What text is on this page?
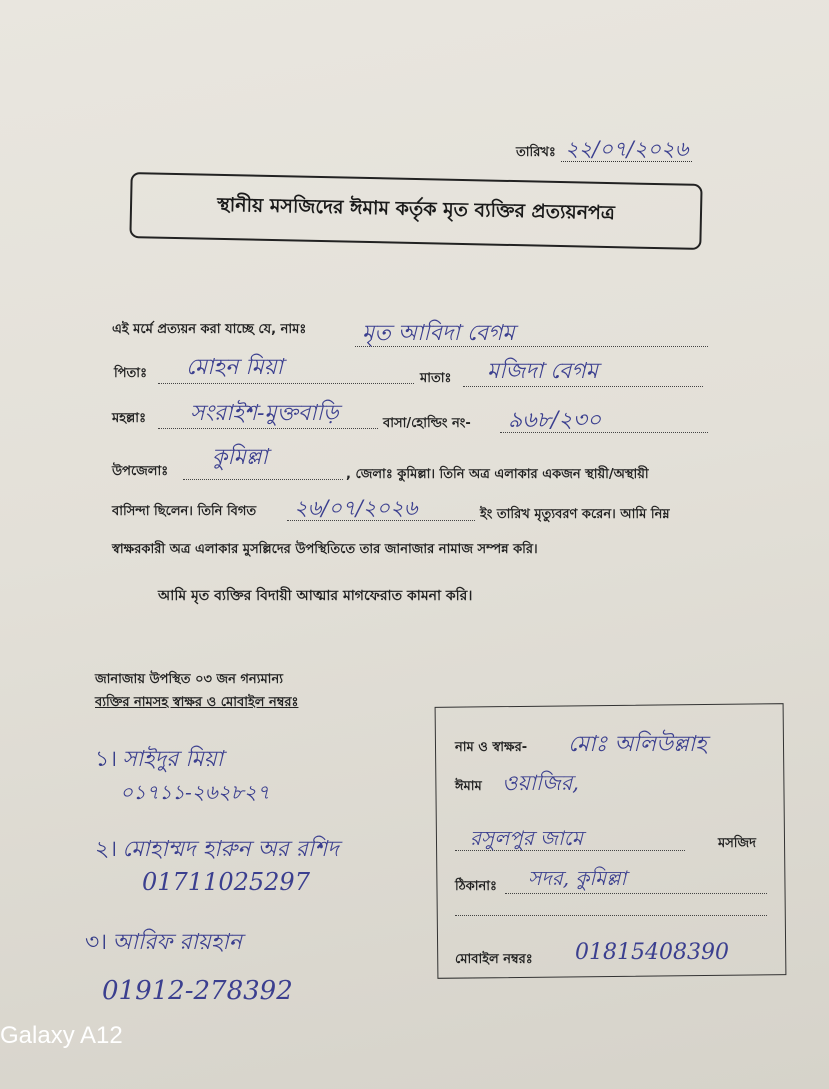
তারিখঃ ২২/০৭/২০২৬
স্থানীয় মসজিদের ঈমাম কর্তৃক মৃত ব্যক্তির প্রত্যয়নপত্র
এই মর্মে প্রত্যয়ন করা যাচ্ছে যে, নামঃ	মৃত আবিদা বেগম
পিতাঃ মোহন মিয়া	মাতাঃ মজিদা বেগম
মহল্লাঃ সংরাইশ-মুক্তবাড়ি	বাসা/হোল্ডিং নং- ৯৬৮/২৩০
উপজেলাঃ
কুমিল্লা
, জেলাঃ কুমিল্লা। তিনি অত্র এলাকার একজন স্থায়ী/অস্থায়ী
বাসিন্দা ছিলেন। তিনি বিগত ২৬/০৭/২০২৬	ইং তারিখ মৃত্যুবরণ করেন। আমি নিম্ন
স্বাক্ষরকারী অত্র এলাকার মুসল্লিদের উপস্থিতিতে তার জানাজার নামাজ সম্পন্ন করি।
আমি মৃত ব্যক্তির বিদায়ী আত্মার মাগফেরাত কামনা করি।
জানাজায় উপস্থিত ০৩ জন গন্যমান্য
ব্যক্তির নামসহ স্বাক্ষর ও মোবাইল নম্বরঃ
১। সাইদুর মিয়া
০১৭১১-২৬২৮২৭
২। মোহাম্মদ হারুন অর রশিদ
01711025297
৩। আরিফ রায়হান
01912-278392
নাম ও স্বাক্ষর- মোঃ অলিউল্লাহ
ঈমাম ওয়াজির,
রসুলপুর জামে	মসজিদ
ঠিকানাঃ সদর, কুমিল্লা
মোবাইল নম্বরঃ 01815408390
Galaxy A12
